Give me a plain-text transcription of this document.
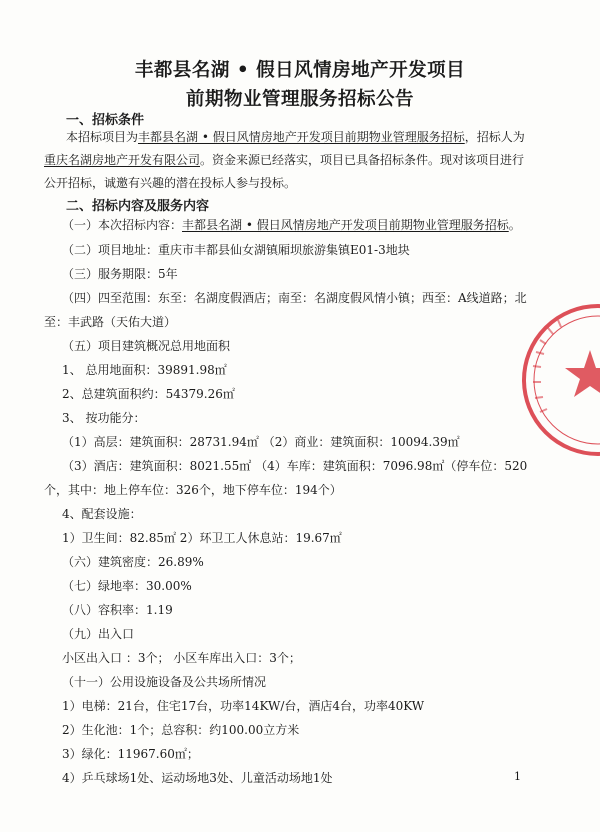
丰都县名湖 • 假日风情房地产开发项目
前期物业管理服务招标公告
一、招标条件
本招标项目为丰都县名湖 • 假日风情房地产开发项目前期物业管理服务招标，招标人为
重庆名湖房地产开发有限公司。资金来源已经落实，项目已具备招标条件。现对该项目进行
公开招标，诚邀有兴趣的潜在投标人参与投标。
二、招标内容及服务内容
（一）本次招标内容：丰都县名湖 • 假日风情房地产开发项目前期物业管理服务招标。
（二）项目地址：重庆市丰都县仙女湖镇厢坝旅游集镇E01-3地块
（三）服务期限：5年
（四）四至范围：东至：名湖度假酒店；南至：名湖度假风情小镇；西至：A线道路；北
至：丰武路（天佑大道）
（五）项目建筑概况总用地面积
1、 总用地面积：39891.98㎡
2、总建筑面积约：54379.26㎡
3、 按功能分：
（1）高层：建筑面积：28731.94㎡ （2）商业：建筑面积：10094.39㎡
（3）酒店：建筑面积：8021.55㎡ （4）车库：建筑面积：7096.98㎡（停车位：520
个，其中：地上停车位：326个，地下停车位：194个）
4、配套设施：
1）卫生间：82.85㎡ 2）环卫工人休息站：19.67㎡
（六）建筑密度：26.89%
（七）绿地率：30.00%
（八）容积率：1.19
（九）出入口
小区出入口 ：3个； 小区车库出入口：3个；
（十一）公用设施设备及公共场所情况
1）电梯：21台，住宅17台，功率14KW/台，酒店4台，功率40KW
2）生化池：1个；总容积：约100.00立方米
3）绿化：11967.60㎡；
4）乒乓球场1处、运动场地3处、儿童活动场地1处	1
